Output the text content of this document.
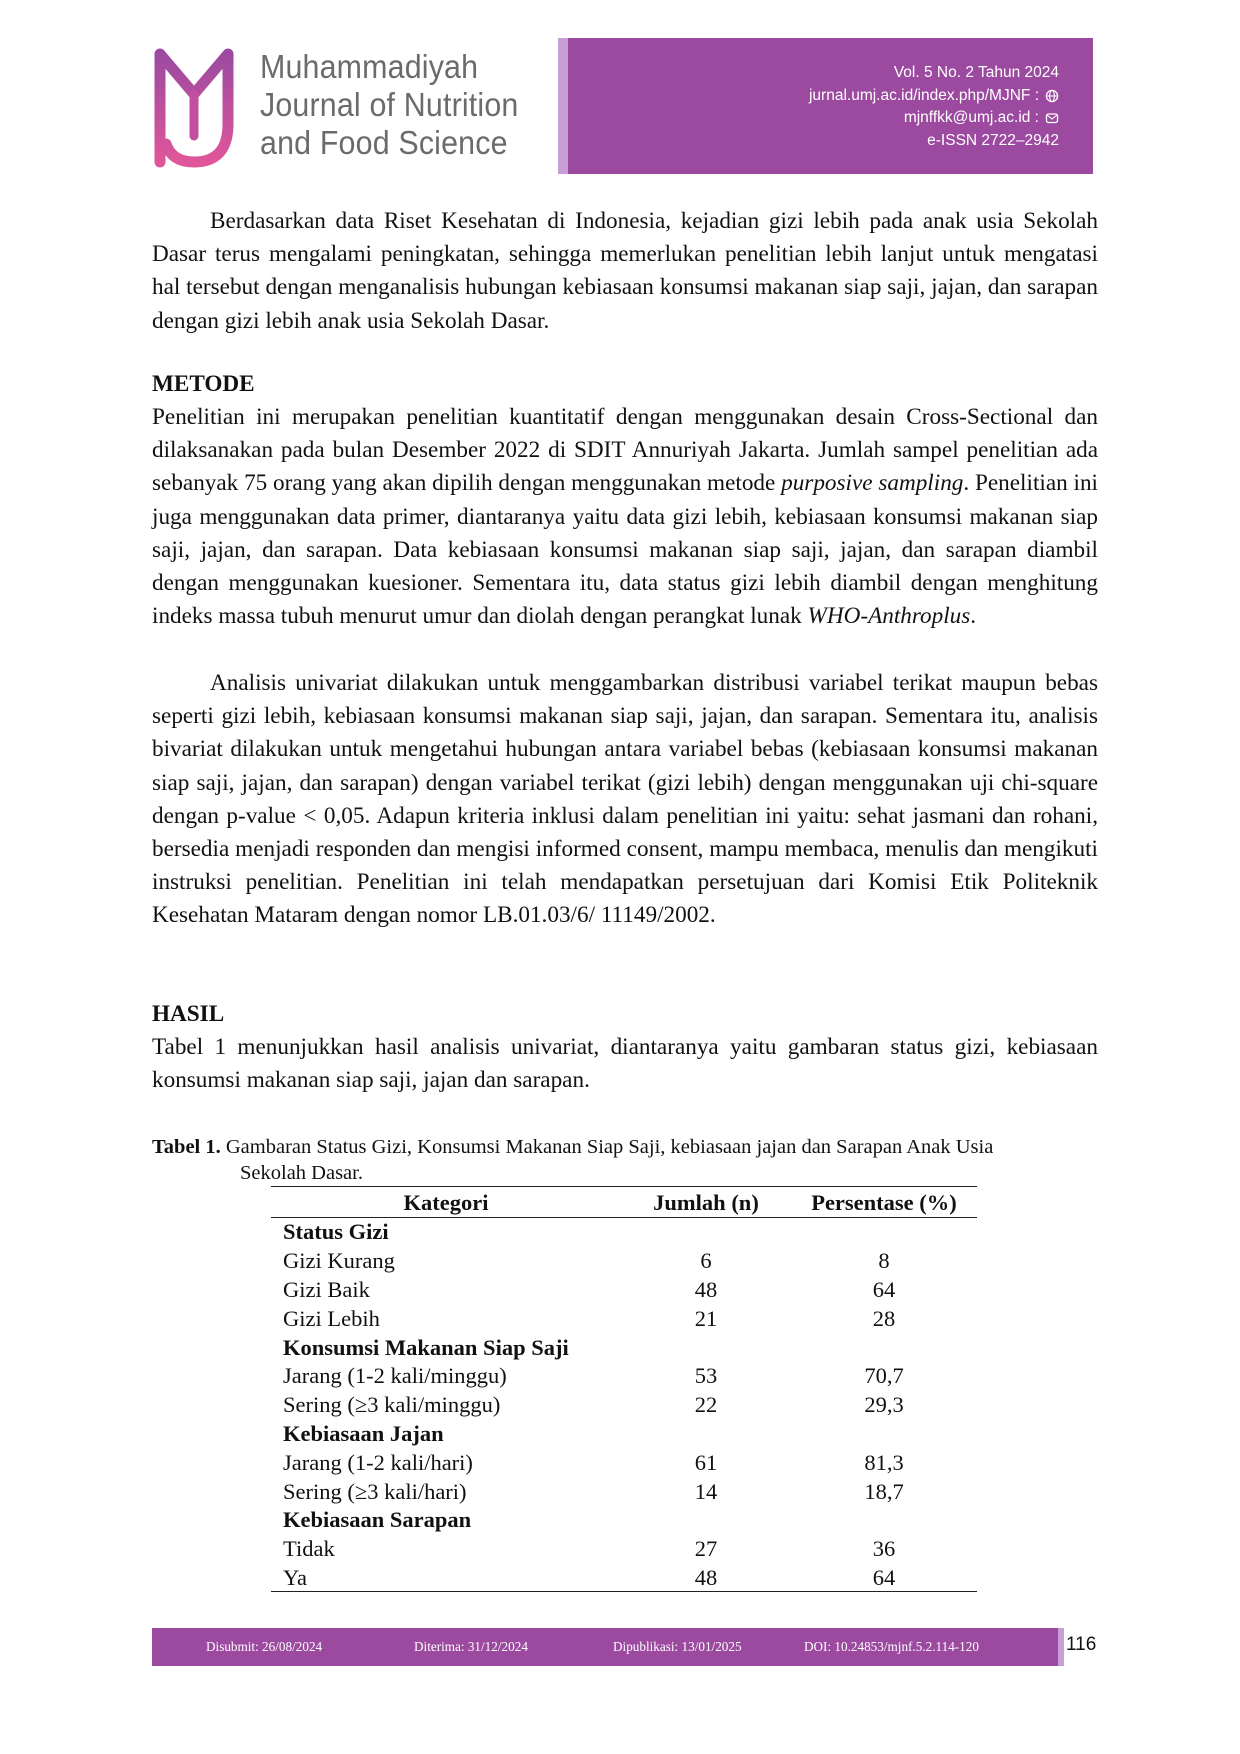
Muhammadiyah
Journal of Nutrition
and Food Science
Vol. 5 No. 2 Tahun 2024
jurnal.umj.ac.id/index.php/MJNF :
mjnffkk@umj.ac.id :
e-ISSN 2722–2942

Berdasarkan data Riset Kesehatan di Indonesia, kejadian gizi lebih pada anak usia Sekolah Dasar terus mengalami peningkatan, sehingga memerlukan penelitian lebih lanjut untuk mengatasi hal tersebut dengan menganalisis hubungan kebiasaan konsumsi makanan siap saji, jajan, dan sarapan dengan gizi lebih anak usia Sekolah Dasar.

METODE

Penelitian ini merupakan penelitian kuantitatif dengan menggunakan desain Cross-Sectional dan dilaksanakan pada bulan Desember 2022 di SDIT Annuriyah Jakarta. Jumlah sampel penelitian ada sebanyak 75 orang yang akan dipilih dengan menggunakan metode purposive sampling. Penelitian ini juga menggunakan data primer, diantaranya yaitu data gizi lebih, kebiasaan konsumsi makanan siap saji, jajan, dan sarapan. Data kebiasaan konsumsi makanan siap saji, jajan, dan sarapan diambil dengan menggunakan kuesioner. Sementara itu, data status gizi lebih diambil dengan menghitung indeks massa tubuh menurut umur dan diolah dengan perangkat lunak WHO-Anthroplus.

Analisis univariat dilakukan untuk menggambarkan distribusi variabel terikat maupun bebas seperti gizi lebih, kebiasaan konsumsi makanan siap saji, jajan, dan sarapan. Sementara itu, analisis bivariat dilakukan untuk mengetahui hubungan antara variabel bebas (kebiasaan konsumsi makanan siap saji, jajan, dan sarapan) dengan variabel terikat (gizi lebih) dengan menggunakan uji chi-square dengan p-value < 0,05. Adapun kriteria inklusi dalam penelitian ini yaitu: sehat jasmani dan rohani, bersedia menjadi responden dan mengisi informed consent, mampu membaca, menulis dan mengikuti instruksi penelitian. Penelitian ini telah mendapatkan persetujuan dari Komisi Etik Politeknik Kesehatan Mataram dengan nomor LB.01.03/6/ 11149/2002.

HASIL

Tabel 1 menunjukkan hasil analisis univariat, diantaranya yaitu gambaran status gizi, kebiasaan konsumsi makanan siap saji, jajan dan sarapan.

Tabel 1. Gambaran Status Gizi, Konsumsi Makanan Siap Saji, kebiasaan jajan dan Sarapan Anak Usia
Sekolah Dasar.
Kategori	Jumlah (n)	Persentase (%)
Status Gizi
Gizi Kurang	6	8
Gizi Baik	48	64
Gizi Lebih	21	28
Konsumsi Makanan Siap Saji
Jarang (1-2 kali/minggu)	53	70,7
Sering (≥3 kali/minggu)	22	29,3
Kebiasaan Jajan
Jarang (1-2 kali/hari)	61	81,3
Sering (≥3 kali/hari)	14	18,7
Kebiasaan Sarapan
Tidak	27	36
Ya	48	64
Disubmit: 26/08/2024	Diterima: 31/12/2024	Dipublikasi: 13/01/2025	DOI: 10.24853/mjnf.5.2.114-120	116
